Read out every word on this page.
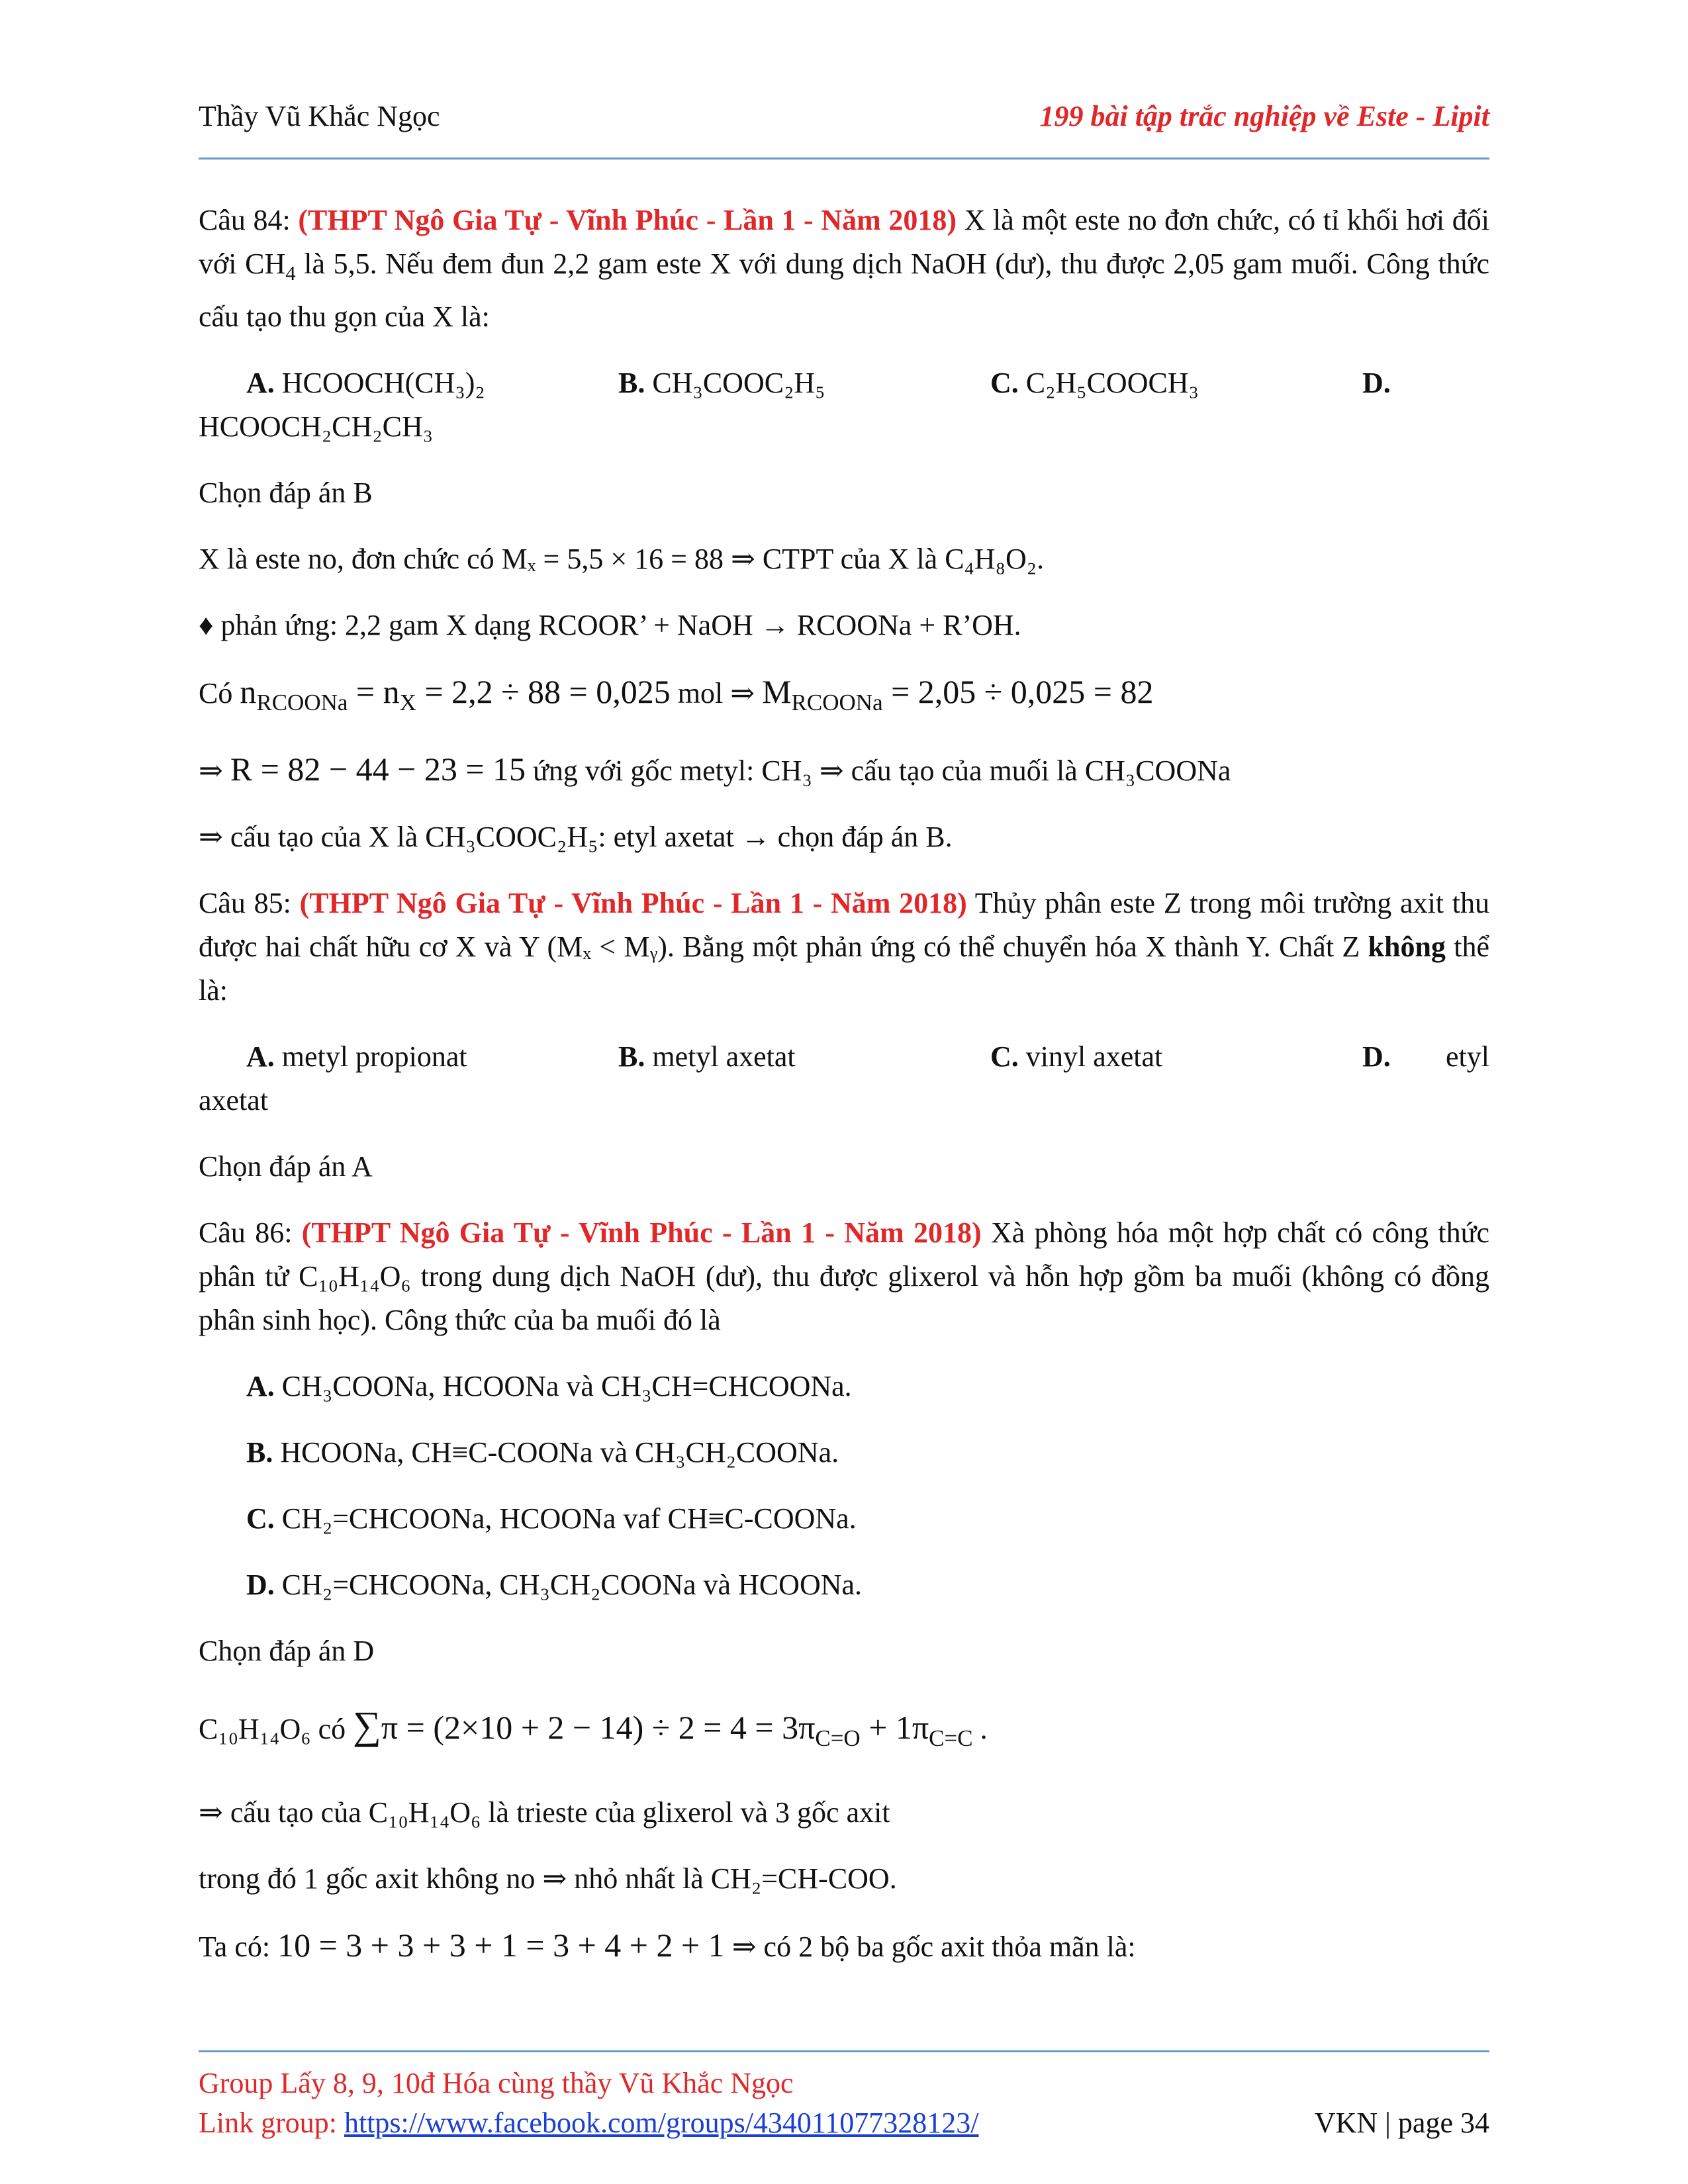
Thầy Vũ Khắc Ngọc	199 bài tập trắc nghiệp về Este - Lipit

Câu 84: (THPT Ngô Gia Tự - Vĩnh Phúc - Lần 1 - Năm 2018) X là một este no đơn chức, có tỉ khối hơi đối với $CH_4$ là 5,5. Nếu đem đun 2,2 gam este X với dung dịch NaOH (dư), thu được 2,05 gam muối. Công thức cấu tạo thu gọn của X là:

A. HCOOCH(CH₃)₂	B. CH₃COOC₂H₅	C. C₂H₅COOCH₃	D.

HCOOCH₂CH₂CH₃

Chọn đáp án B

X là este no, đơn chức có Mₓ = 5,5 × 16 = 88 ⇒ CTPT của X là C₄H₈O₂.

♦ phản ứng: 2,2 gam X dạng RCOOR’ + NaOH → RCOONa + R’OH.

Có $n_{RCOONa} = n_X = 2,2 \div 88 = 0,025$ mol ⇒ $M_{RCOONa} = 2,05 \div 0,025 = 82$

⇒ R = 82 − 44 − 23 = 15 ứng với gốc metyl: CH₃ ⇒ cấu tạo của muối là CH₃COONa

⇒ cấu tạo của X là CH₃COOC₂H₅: etyl axetat → chọn đáp án B.

Câu 85: (THPT Ngô Gia Tự - Vĩnh Phúc - Lần 1 - Năm 2018) Thủy phân este Z trong môi trường axit thu được hai chất hữu cơ X và Y (Mₓ < Mᵧ). Bằng một phản ứng có thể chuyển hóa X thành Y. Chất Z không thể là:

A. metyl propionat	B. metyl axetat	C. vinyl axetat	D. etyl

axetat

Chọn đáp án A

Câu 86: (THPT Ngô Gia Tự - Vĩnh Phúc - Lần 1 - Năm 2018) Xà phòng hóa một hợp chất có công thức phân tử C₁₀H₁₄O₆ trong dung dịch NaOH (dư), thu được glixerol và hỗn hợp gồm ba muối (không có đồng phân sinh học). Công thức của ba muối đó là

A. CH₃COONa, HCOONa và CH₃CH=CHCOONa.

B. HCOONa, CH≡C-COONa và CH₃CH₂COONa.

C. CH₂=CHCOONa, HCOONa vaf CH≡C-COONa.

D. CH₂=CHCOONa, CH₃CH₂COONa và HCOONa.

Chọn đáp án D

C₁₀H₁₄O₆ có $\sum\pi = (2\times 10 + 2 - 14) \div 2 = 4 = 3\pi_{C=O} + 1\pi_{C=C}$ .

⇒ cấu tạo của C₁₀H₁₄O₆ là trieste của glixerol và 3 gốc axit

trong đó 1 gốc axit không no ⇒ nhỏ nhất là CH₂=CH-COO.

Ta có: 10 = 3 + 3 + 3 + 1 = 3 + 4 + 2 + 1 ⇒ có 2 bộ ba gốc axit thỏa mãn là:

Group Lấy 8, 9, 10đ Hóa cùng thầy Vũ Khắc Ngọc
Link group: https://www.facebook.com/groups/434011077328123/	VKN | page 34
